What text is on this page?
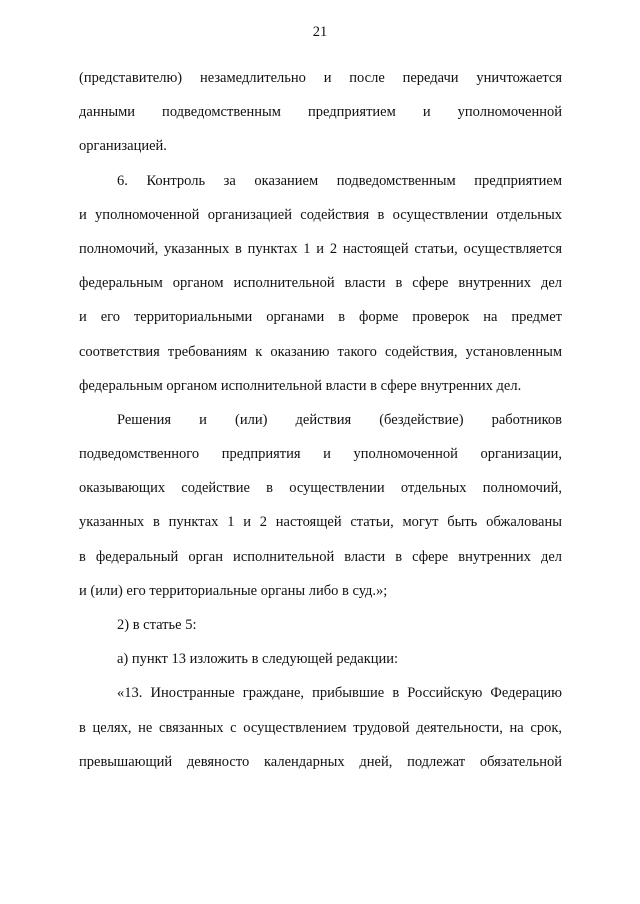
21
(представителю) незамедлительно и после передачи уничтожается
данными подведомственным предприятием и уполномоченной
организацией.
6. Контроль за оказанием подведомственным предприятием
и уполномоченной организацией содействия в осуществлении отдельных
полномочий, указанных в пунктах 1 и 2 настоящей статьи, осуществляется
федеральным органом исполнительной власти в сфере внутренних дел
и его территориальными органами в форме проверок на предмет
соответствия требованиям к оказанию такого содействия, установленным
федеральным органом исполнительной власти в сфере внутренних дел.
Решения и (или) действия (бездействие) работников
подведомственного предприятия и уполномоченной организации,
оказывающих содействие в осуществлении отдельных полномочий,
указанных в пунктах 1 и 2 настоящей статьи, могут быть обжалованы
в федеральный орган исполнительной власти в сфере внутренних дел
и (или) его территориальные органы либо в суд.»;
2) в статье 5:
а) пункт 13 изложить в следующей редакции:
«13. Иностранные граждане, прибывшие в Российскую Федерацию
в целях, не связанных с осуществлением трудовой деятельности, на срок,
превышающий девяносто календарных дней, подлежат обязательной
